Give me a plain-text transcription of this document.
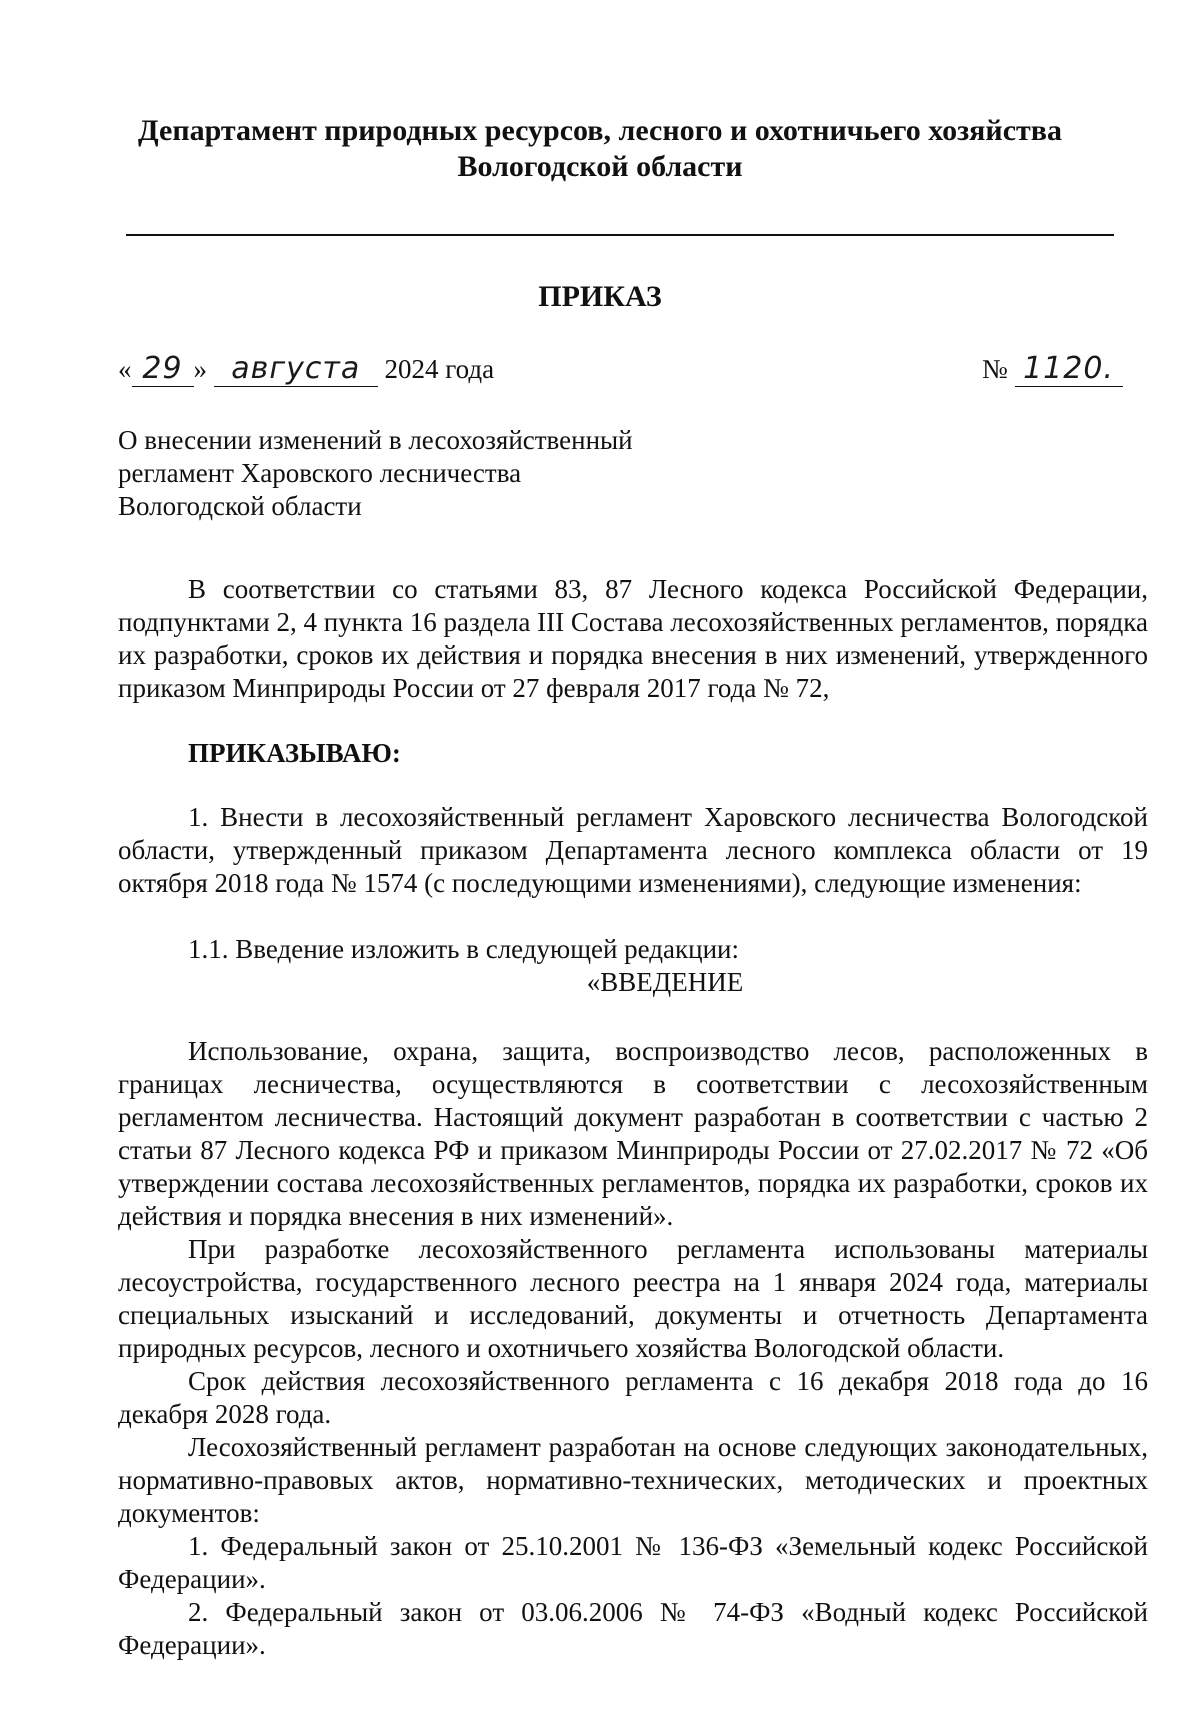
Департамент природных ресурсов, лесного и охотничьего хозяйства
Вологодской области
ПРИКАЗ
« 29 » августа 2024 года	№ 1120.
О внесении изменений в лесохозяйственный
регламент Харовского лесничества
Вологодской области
В соответствии со статьями 83, 87 Лесного кодекса Российской Федерации, подпунктами 2, 4 пункта 16 раздела III Состава лесохозяйственных регламентов, порядка их разработки, сроков их действия и порядка внесения в них изменений, утвержденного приказом Минприроды России от 27 февраля 2017 года № 72,
ПРИКАЗЫВАЮ:
1. Внести в лесохозяйственный регламент Харовского лесничества Вологодской области, утвержденный приказом Департамента лесного комплекса области от 19 октября 2018 года № 1574 (с последующими изменениями), следующие изменения:
1.1. Введение изложить в следующей редакции:
«ВВЕДЕНИЕ
Использование, охрана, защита, воспроизводство лесов, расположенных в границах лесничества, осуществляются в соответствии с лесохозяйственным регламентом лесничества. Настоящий документ разработан в соответствии с частью 2 статьи 87 Лесного кодекса РФ и приказом Минприроды России от 27.02.2017 № 72 «Об утверждении состава лесохозяйственных регламентов, порядка их разработки, сроков их действия и порядка внесения в них изменений».
При разработке лесохозяйственного регламента использованы материалы лесоустройства, государственного лесного реестра на 1 января 2024 года, материалы специальных изысканий и исследований, документы и отчетность Департамента природных ресурсов, лесного и охотничьего хозяйства Вологодской области.
Срок действия лесохозяйственного регламента с 16 декабря 2018 года до 16 декабря 2028 года.
Лесохозяйственный регламент разработан на основе следующих законодательных, нормативно-правовых актов, нормативно-технических, методических и проектных документов:
1. Федеральный закон от 25.10.2001 № 136-ФЗ «Земельный кодекс Российской Федерации».
2. Федеральный закон от 03.06.2006 № 74-ФЗ «Водный кодекс Российской Федерации».
